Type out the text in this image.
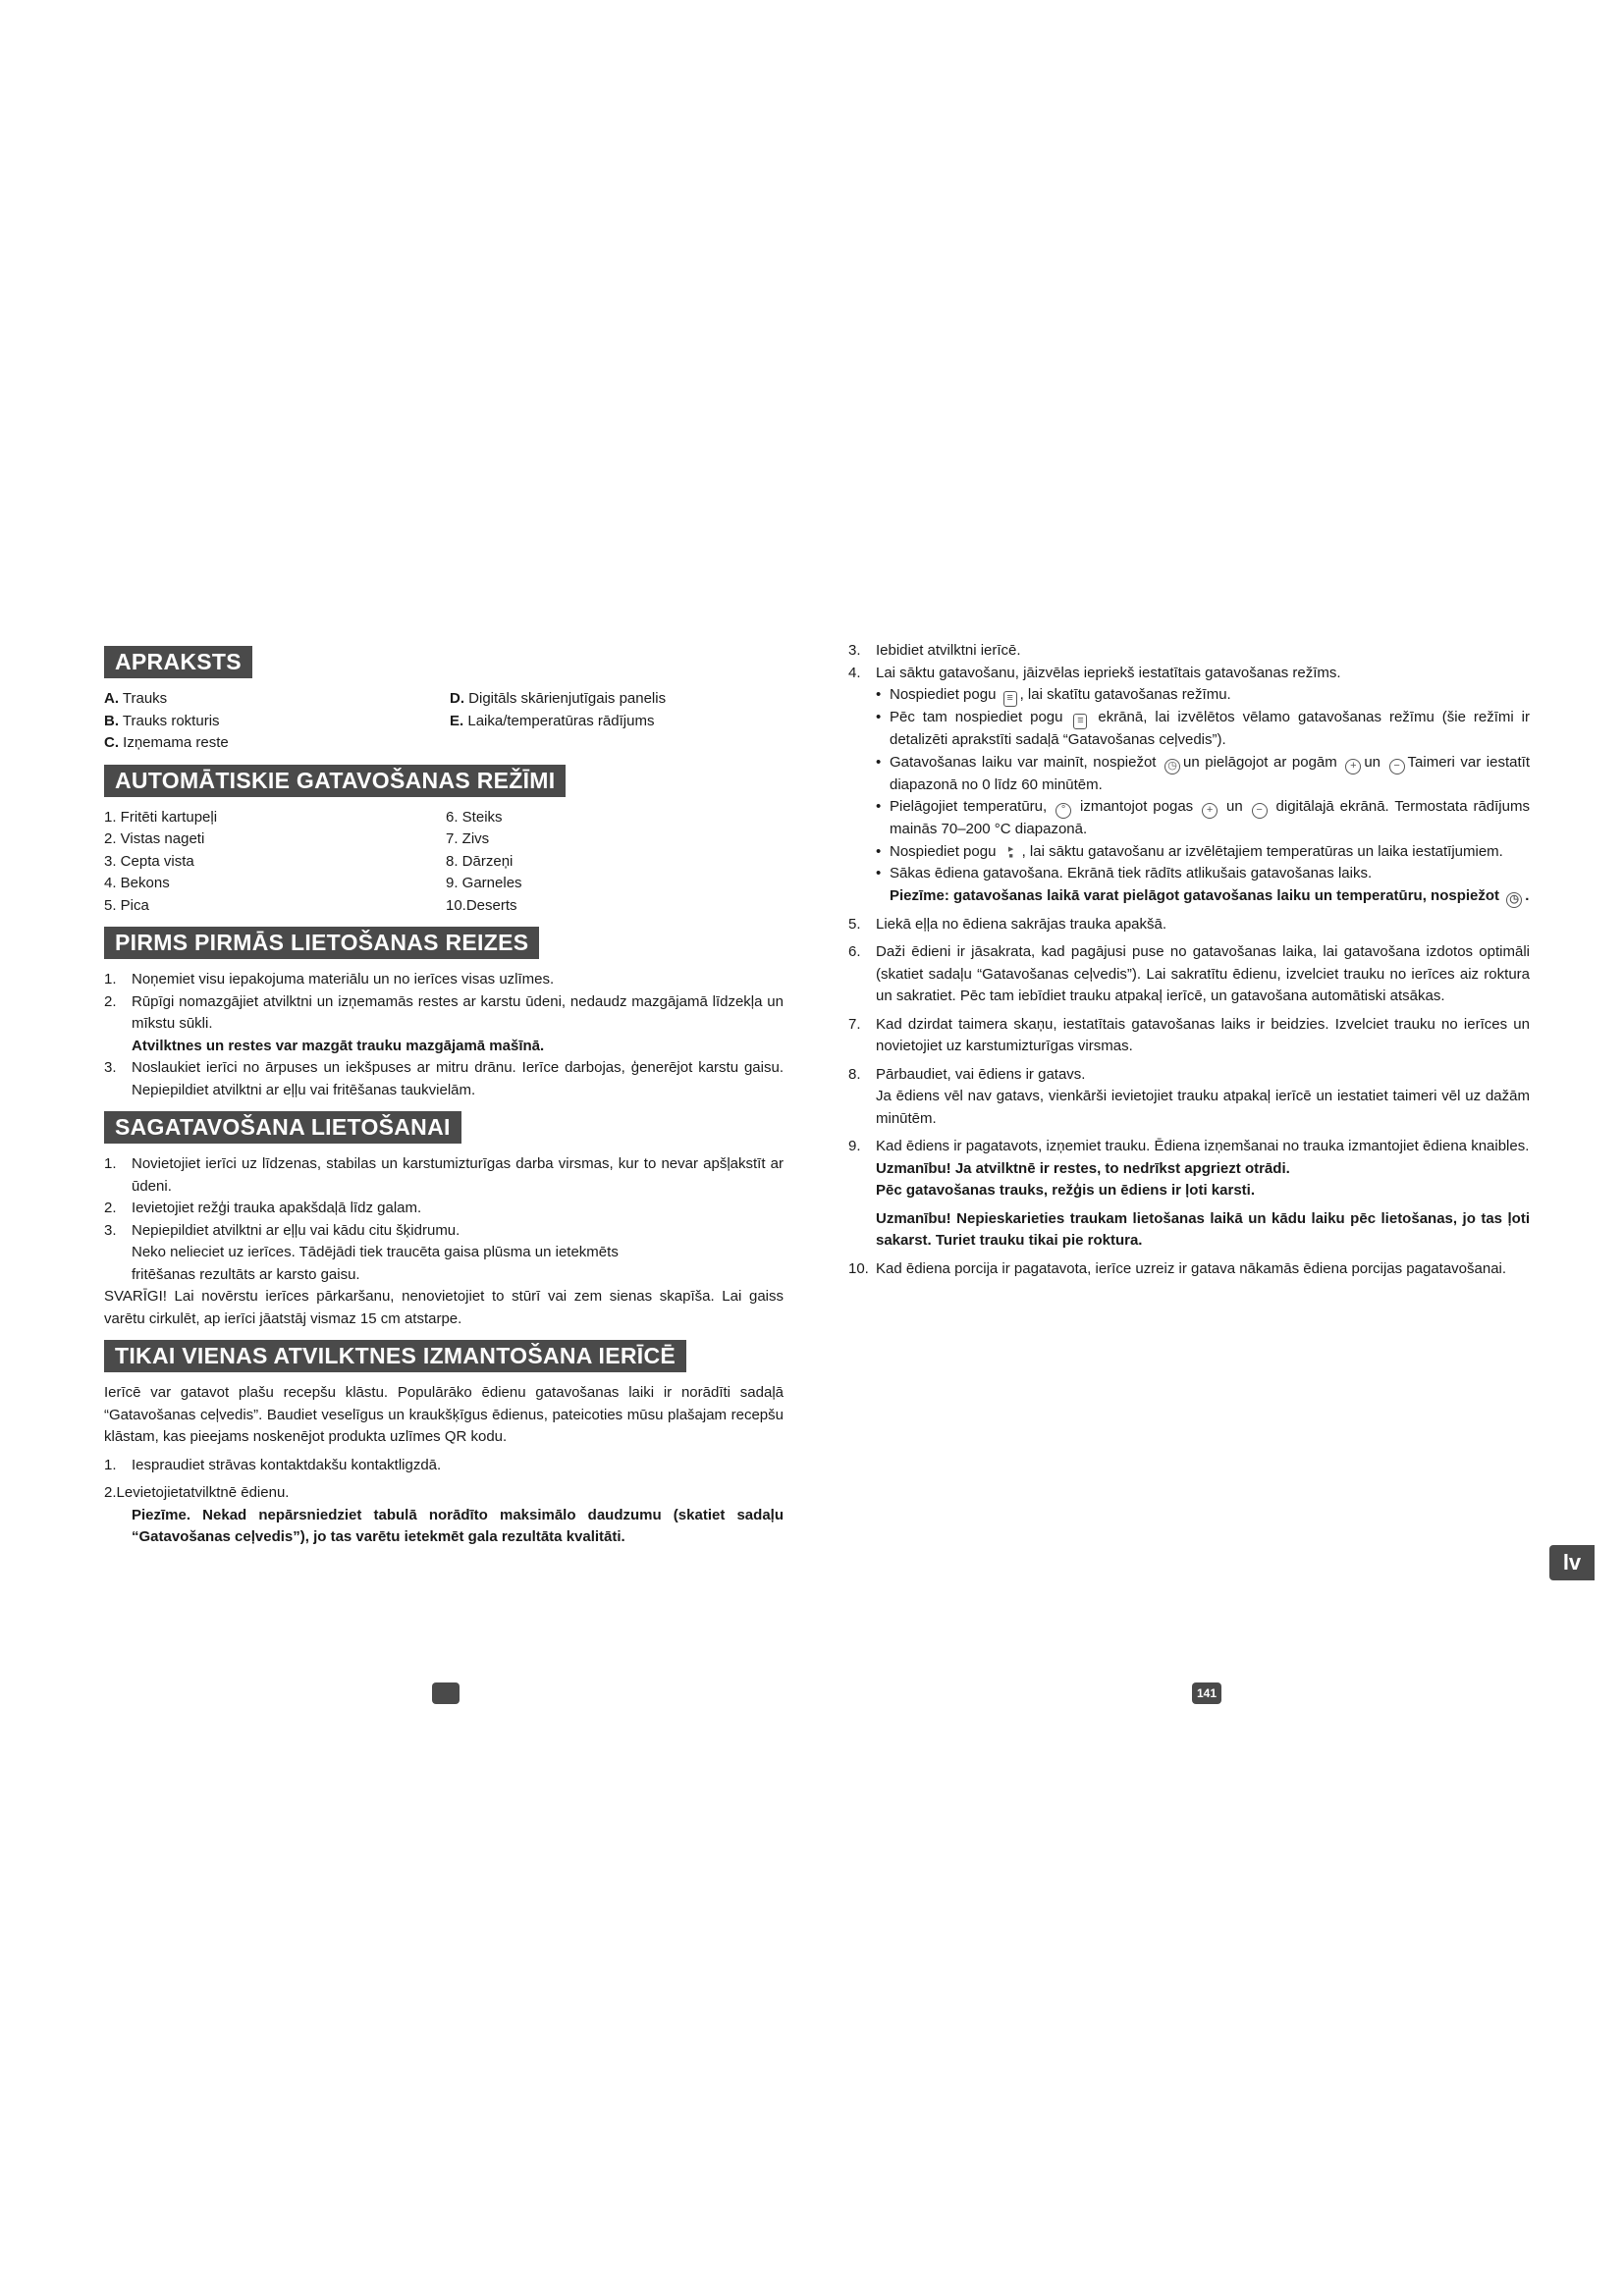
APRAKSTS
A. Trauks	D. Digitāls skārienjutīgais panelis
B. Trauks rokturis	E. Laika/temperatūras rādījums
C. Izņemama reste
AUTOMĀTISKIE GATAVOŠANAS REŽĪMI
1. Fritēti kartupeļi	6. Steiks
2. Vistas nageti	7. Zivs
3. Cepta vista	8. Dārzeņi
4. Bekons	9. Garneles
5. Pica	10.Deserts
PIRMS PIRMĀS LIETOŠANAS REIZES
1.	Noņemiet visu iepakojuma materiālu un no ierīces visas uzlīmes.
2.	Rūpīgi nomazgājiet atvilktni un izņemamās restes ar karstu ūdeni, nedaudz mazgājamā līdzekļa un mīkstu sūkli.
Atvilktnes un restes var mazgāt trauku mazgājamā mašīnā.
3.	Noslaukiet ierīci no ārpuses un iekšpuses ar mitru drānu. Ierīce darbojas, ģenerējot karstu gaisu. Nepiepildiet atvilktni ar eļļu vai fritēšanas taukvielām.
SAGATAVOŠANA LIETOŠANAI
1.	Novietojiet ierīci uz līdzenas, stabilas un karstumizturīgas darba virsmas, kur to nevar apšļakstīt ar ūdeni.
2.	Ievietojiet režģi trauka apakšdaļā līdz galam.
3.	Nepiepildiet atvilktni ar eļļu vai kādu citu šķidrumu.
Neko nelieciet uz ierīces. Tādējādi tiek traucēta gaisa plūsma un ietekmēts
fritēšanas rezultāts ar karsto gaisu.
SVARĪGI! Lai novērstu ierīces pārkaršanu, nenovietojiet to stūrī vai zem sienas skapīša. Lai gaiss varētu cirkulēt, ap ierīci jāatstāj vismaz 15 cm atstarpe.
TIKAI VIENAS ATVILKTNES IZMANTOŠANA IERĪCĒ
Ierīcē var gatavot plašu recepšu klāstu. Populārāko ēdienu gatavošanas laiki ir norādīti sadaļā “Gatavošanas ceļvedis”. Baudiet veselīgus un kraukšķīgus ēdienus, pateicoties mūsu plašajam recepšu klāstam, kas pieejams noskenējot produkta uzlīmes QR kodu.
1.	Iespraudiet strāvas kontaktdakšu kontaktligzdā.
2.Levietojietatvilktnē ēdienu.
Piezīme. Nekad nepārsniedziet tabulā norādīto maksimālo daudzumu (skatiet sadaļu “Gatavošanas ceļvedis”), jo tas varētu ietekmēt gala rezultāta kvalitāti.
3.	Iebidiet atvilktni ierīcē.
4.	Lai sāktu gatavošanu, jāizvēlas iepriekš iestatītais gatavošanas režīms.
• Nospiediet pogu ≡ , lai skatītu gatavošanas režīmu.
• Pēc tam nospiediet pogu ≡ ekrānā, lai izvēlētos vēlamo gatavošanas režīmu (šie režīmi ir detalizēti aprakstīti sadaļā “Gatavošanas ceļvedis”).
• Gatavošanas laiku var mainīt, nospiežot ◷ un pielāgojot ar pogām + un − Taimeri var iestatīt diapazonā no 0 līdz 60 minūtēm.
• Pielāgojiet temperatūru, ° izmantojot pogas + un − digitālajā ekrānā. Termostata rādījums mainās 70–200 °C diapazonā.
• Nospiediet pogu ▶
■ , lai sāktu gatavošanu ar izvēlētajiem temperatūras un laika iestatījumiem.
• Sākas ēdiena gatavošana. Ekrānā tiek rādīts atlikušais gatavošanas laiks.
Piezīme: gatavošanas laikā varat pielāgot gatavošanas laiku un temperatūru, nospiežot ◷ .
5.	Liekā eļļa no ēdiena sakrājas trauka apakšā.
6.	Daži ēdieni ir jāsakrata, kad pagājusi puse no gatavošanas laika, lai gatavošana izdotos optimāli (skatiet sadaļu “Gatavošanas ceļvedis”). Lai sakratītu ēdienu, izvelciet trauku no ierīces aiz roktura un sakratiet. Pēc tam iebīdiet trauku atpakaļ ierīcē, un gatavošana automātiski atsākas.
7.	Kad dzirdat taimera skaņu, iestatītais gatavošanas laiks ir beidzies. Izvelciet trauku no ierīces un novietojiet uz karstumizturīgas virsmas.
8.	Pārbaudiet, vai ēdiens ir gatavs.
Ja ēdiens vēl nav gatavs, vienkārši ievietojiet trauku atpakaļ ierīcē un iestatiet taimeri vēl uz dažām minūtēm.
9.	Kad ēdiens ir pagatavots, izņemiet trauku. Ēdiena izņemšanai no trauka izmantojiet ēdiena knaibles.
Uzmanību! Ja atvilktnē ir restes, to nedrīkst apgriezt otrādi.
Pēc gatavošanas trauks, režģis un ēdiens ir ļoti karsti.
Uzmanību! Nepieskarieties traukam lietošanas laikā un kādu laiku pēc lietošanas, jo tas ļoti sakarst. Turiet trauku tikai pie roktura.
10. Kad ēdiena porcija ir pagatavota, ierīce uzreiz ir gatava nākamās ēdiena porcijas pagatavošanai.
lv
141
